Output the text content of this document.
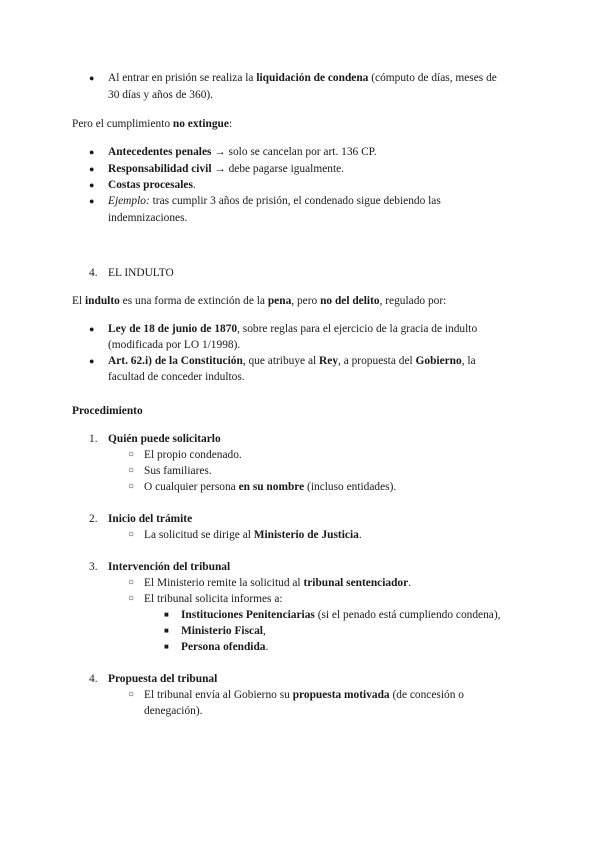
● Al entrar en prisión se realiza la liquidación de condena (cómputo de días, meses de
30 días y años de 360).
Pero el cumplimiento no extingue:
● Antecedentes penales → solo se cancelan por art. 136 CP.
● Responsabilidad civil → debe pagarse igualmente.
● Costas procesales.
● Ejemplo: tras cumplir 3 años de prisión, el condenado sigue debiendo las
indemnizaciones.
4. EL INDULTO
El indulto es una forma de extinción de la pena, pero no del delito, regulado por:
● Ley de 18 de junio de 1870, sobre reglas para el ejercicio de la gracia de indulto
(modificada por LO 1/1998).
● Art. 62.i) de la Constitución, que atribuye al Rey, a propuesta del Gobierno, la
facultad de conceder indultos.
Procedimiento
1. Quién puede solicitarlo
○ El propio condenado.
○ Sus familiares.
○ O cualquier persona en su nombre (incluso entidades).
2. Inicio del trámite
○ La solicitud se dirige al Ministerio de Justicia.
3. Intervención del tribunal
○ El Ministerio remite la solicitud al tribunal sentenciador.
○ El tribunal solicita informes a:
■ Instituciones Penitenciarias (si el penado está cumpliendo condena),
■ Ministerio Fiscal,
■ Persona ofendida.
4. Propuesta del tribunal
○ El tribunal envía al Gobierno su propuesta motivada (de concesión o
denegación).
